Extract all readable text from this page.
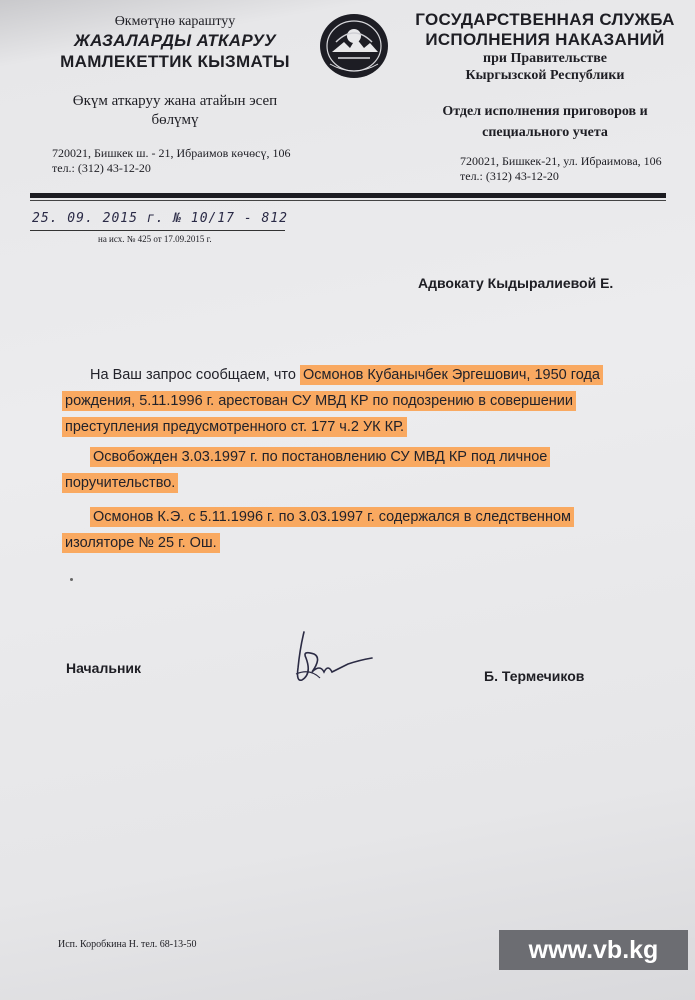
Өкмөтүнө караштуу
ЖАЗАЛАРДЫ АТКАРУУ
МАМЛЕКЕТТИК КЫЗМАТЫ
Өкүм аткаруу жана атайын эсеп
бөлүмү
720021, Бишкек ш. - 21, Ибраимов көчөсү, 106
тел.: (312) 43-12-20
ГОСУДАРСТВЕННАЯ СЛУЖБА
ИСПОЛНЕНИЯ НАКАЗАНИЙ
при Правительстве
Кыргызской Республики
Отдел исполнения приговоров и
специального учета
720021, Бишкек-21, ул. Ибраимова, 106
тел.: (312) 43-12-20
25. 09. 2015 г. № 10/17 - 812
на исх. № 425 от 17.09.2015 г.
Адвокату Кыдыралиевой Е.
На Ваш запрос сообщаем, что Осмонов Кубанычбек Эргешович, 1950 года
рождения, 5.11.1996 г. арестован СУ МВД КР по подозрению в совершении
преступления предусмотренного ст. 177 ч.2 УК КР.
Освобожден 3.03.1997 г. по постановлению СУ МВД КР под личное
поручительство.
Осмонов К.Э. с 5.11.1996 г. по 3.03.1997 г. содержался в следственном
изоляторе № 25 г. Ош.
Начальник	Б. Термечиков
Исп. Коробкина Н. тел. 68-13-50	www.vb.kg
